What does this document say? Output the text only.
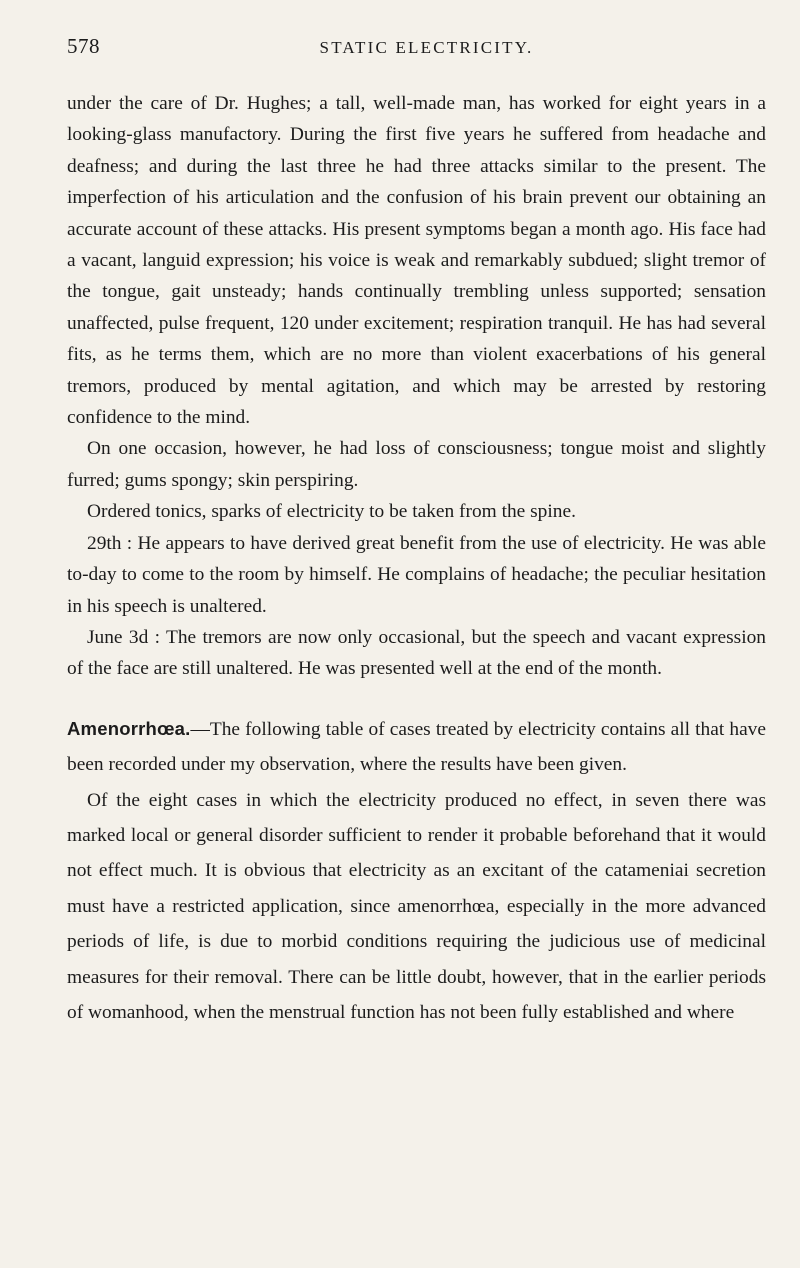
578	STATIC ELECTRICITY.

under the care of Dr. Hughes; a tall, well-made man, has worked for eight years in a looking-glass manufactory. During the first five years he suffered from headache and deafness; and during the last three he had three attacks similar to the present. The imperfection of his articulation and the confusion of his brain prevent our obtaining an accurate account of these attacks. His present symptoms began a month ago. His face had a vacant, languid expression; his voice is weak and remarkably subdued; slight tremor of the tongue, gait unsteady; hands continually trembling unless supported; sensation unaffected, pulse frequent, 120 under excitement; respiration tranquil. He has had several fits, as he terms them, which are no more than violent exacerbations of his general tremors, produced by mental agitation, and which may be arrested by restoring confidence to the mind.

On one occasion, however, he had loss of consciousness; tongue moist and slightly furred; gums spongy; skin perspiring.

Ordered tonics, sparks of electricity to be taken from the spine.

29th : He appears to have derived great benefit from the use of electricity. He was able to-day to come to the room by himself. He complains of headache; the peculiar hesitation in his speech is unaltered.

June 3d : The tremors are now only occasional, but the speech and vacant expression of the face are still unaltered. He was presented well at the end of the month.

Amenorrhœa.—The following table of cases treated by electricity contains all that have been recorded under my observation, where the results have been given.

Of the eight cases in which the electricity produced no effect, in seven there was marked local or general disorder sufficient to render it probable beforehand that it would not effect much. It is obvious that electricity as an excitant of the catameniai secretion must have a restricted application, since amenorrhœa, especially in the more advanced periods of life, is due to morbid conditions requiring the judicious use of medicinal measures for their removal. There can be little doubt, however, that in the earlier periods of womanhood, when the menstrual function has not been fully established and where
